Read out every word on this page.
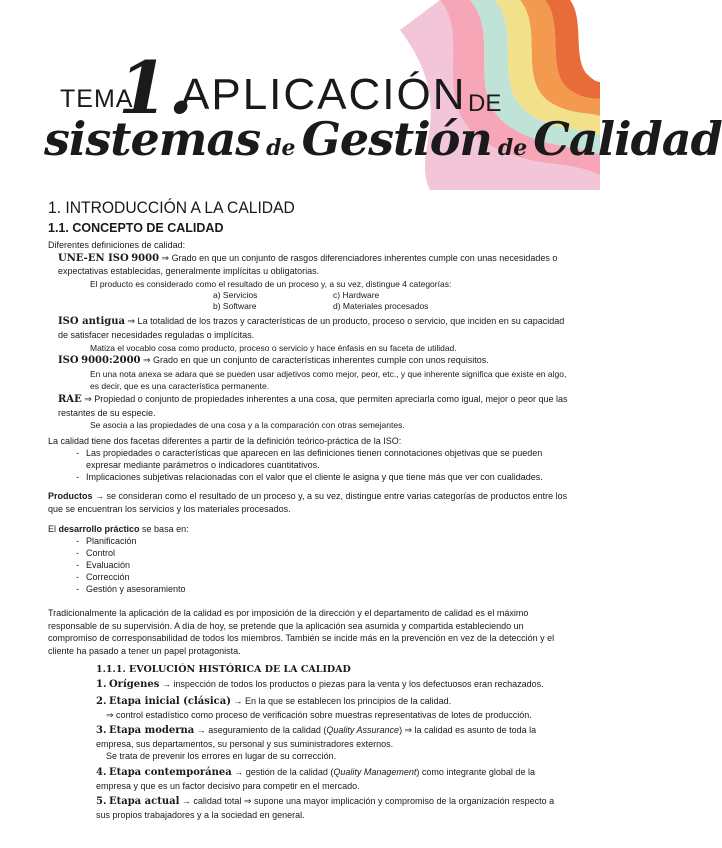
TEMA
1.
APLICACIÓN DE
sistemas de Gestión de Calidad
1. INTRODUCCIÓN A LA CALIDAD
1.1. CONCEPTO DE CALIDAD
Diferentes definiciones de calidad:
UNE-EN ISO 9000 ⇒ Grado en que un conjunto de rasgos diferenciadores inherentes cumple con unas necesidades o expectativas establecidas, generalmente implícitas u obligatorias.
El producto es considerado como el resultado de un proceso y, a su vez, distingue 4 categorías:
a) Servicios
b) Software
c) Hardware
d) Materiales procesados
ISO antigua ⇒ La totalidad de los trazos y características de un producto, proceso o servicio, que inciden en su capacidad de satisfacer necesidades reguladas o implícitas.
Matiza el vocablo cosa como producto, proceso o servicio y hace énfasis en su faceta de utilidad.
ISO 9000:2000 ⇒ Grado en que un conjunto de características inherentes cumple con unos requisitos.
En una nota anexa se adara que se pueden usar adjetivos como mejor, peor, etc., y que inherente significa que existe en algo, es decir, que es una característica permanente.
RAE ⇒ Propiedad o conjunto de propiedades inherentes a una cosa, que permiten apreciarla como igual, mejor o peor que las restantes de su especie.
Se asocia a las propiedades de una cosa y a la comparación con otras semejantes.
La calidad tiene dos facetas diferentes a partir de la definición teórico-práctica de la ISO:
- Las propiedades o características que aparecen en las definiciones tienen connotaciones objetivas que se pueden expresar mediante parámetros o indicadores cuantitativos.
- Implicaciones subjetivas relacionadas con el valor que el cliente le asigna y que tiene más que ver con cualidades.
Productos → se consideran como el resultado de un proceso y, a su vez, distingue entre varias categorías de productos entre los que se encuentran los servicios y los materiales procesados.
El desarrollo práctico se basa en:
- Planificación
- Control
- Evaluación
- Corrección
- Gestión y asesoramiento
Tradicionalmente la aplicación de la calidad es por imposición de la dirección y el departamento de calidad es el máximo responsable de su supervisión. A día de hoy, se pretende que la aplicación sea asumida y compartida estableciendo un compromiso de corresponsabilidad de todos los miembros. También se incide más en la prevención en vez de la detección y el cliente ha pasado a tener un papel protagonista.
1.1.1. EVOLUCIÓN HISTÓRICA DE LA CALIDAD
1. Orígenes → inspección de todos los productos o piezas para la venta y los defectuosos eran rechazados.
2. Etapa inicial (clásica) → En la que se establecen los principios de la calidad.
⇒ control estadístico como proceso de verificación sobre muestras representativas de lotes de producción.
3. Etapa moderna → aseguramiento de la calidad (Quality Assurance) ⇒ la calidad es asunto de toda la empresa, sus departamentos, su personal y sus suministradores externos.
Se trata de prevenir los errores en lugar de su corrección.
4. Etapa contemporánea → gestión de la calidad (Quality Management) como integrante global de la empresa y que es un factor decisivo para competir en el mercado.
5. Etapa actual → calidad total ⇒ supone una mayor implicación y compromiso de la organización respecto a sus propios trabajadores y a la sociedad en general.
